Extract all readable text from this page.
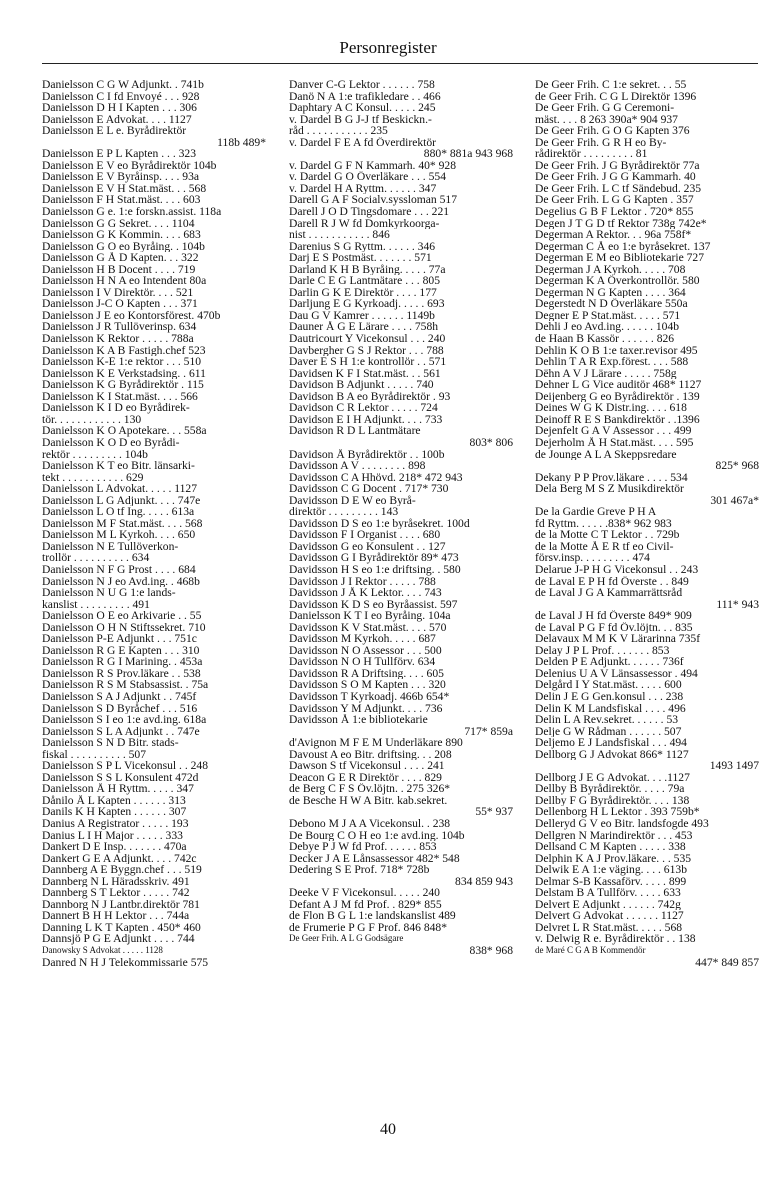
Personregister
Danielsson C G W Adjunkt. . 741b
Danielsson C I fd Envoyé . . . 928
Danielsson D H I Kapten . . . 306
Danielsson E Advokat. . . . 1127
Danielsson E L e. Byrådirektör
118b 489*
Danielsson E P L Kapten . . . 323
Danielsson E V eo Byrådirektör 104b
Danielsson E V Byråinsp. . . . 93a
Danielsson E V H Stat.mäst. . . 568
Danielsson F H Stat.mäst. . . . 603
Danielsson G e. 1:e forskn.assist. 118a
Danielsson G G Sekret. . . . 1104
Danielsson G K Kommin. . . . 683
Danielsson G O eo Byråing. . 104b
Danielsson G Å D Kapten. . . 322
Danielsson H B Docent . . . . 719
Danielsson H N A eo Intendent 80a
Danielsson I V Direktör. . . . 521
Danielsson J-C O Kapten . . . 371
Danielsson J E eo Kontorsförest. 470b
Danielsson J R Tullöverinsp. 634
Danielsson K Rektor . . . . . 788a
Danielsson K A B Fastigh.chef 523
Danielsson K-E 1:e rektor . . . 510
Danielsson K E Verkstadsing. . 611
Danielsson K G Byrådirektör . 115
Danielsson K I Stat.mäst. . . . 566
Danielsson K I D eo Byrådirek-
tör. . . . . . . . . . . . 130
Danielsson K O Apotekare. . . 558a
Danielsson K O D eo Byrådi-
rektör . . . . . . . . . 104b
Danielsson K T eo Bitr. länsarki-
tekt . . . . . . . . . . . 629
Danielsson L Advokat. . . . . 1127
Danielsson L G Adjunkt. . . . 747e
Danielsson L O tf Ing. . . . . 613a
Danielsson M F Stat.mäst. . . . 568
Danielsson M L Kyrkoh. . . . 650
Danielsson N E Tullöverkon-
trollör . . . . . . . . . . 634
Danielsson N F G Prost . . . . 684
Danielsson N J eo Avd.ing. . 468b
Danielsson N U G 1:e lands-
kanslist . . . . . . . . . 491
Danielsson O E eo Arkivarie . . 55
Danielsson O H N Stiftssekret. 710
Danielsson P-E Adjunkt . . . 751c
Danielsson R G E Kapten . . . 310
Danielsson R G I Marining. . 453a
Danielsson R S Prov.läkare . . 538
Danielsson R S M Stabsassist. . 75a
Danielsson S A J Adjunkt . . 745f
Danielsson S D Byråchef . . . 516
Danielsson S I eo 1:e avd.ing. 618a
Danielsson S L A Adjunkt . . 747e
Danielsson S N D Bitr. stads-
fiskal . . . . . . . . . . 507
Danielsson S P L Vicekonsul . . 248
Danielsson S S L Konsulent 472d
Danielsson Å H Ryttm. . . . . 347
Dånilo Å L Kapten . . . . . . 313
Danils K H Kapten . . . . . . 307
Danius A Registrator . . . . . 193
Danius L I H Major . . . . . 333
Dankert D E Insp. . . . . . . 470a
Dankert G E A Adjunkt. . . . 742c
Dannberg A E Byggn.chef . . . 519
Dannberg N L Häradsskriv. 491
Dannberg S T Lektor . . . . . 742
Dannborg N J Lantbr.direktör 781
Dannert B H H Lektor . . . 744a
Danning L K T Kapten . 450* 460
Dannsjö P G E Adjunkt . . . . 744
Danowsky S Advokat . . . . . 1128
Danred N H J Telekommissarie 575
Danver C-G Lektor . . . . . . 758
Danö N A 1:e trafikledare . . 466
Daphtary A C Konsul. . . . . 245
v. Dardel B G J-J tf Beskickn.-
råd . . . . . . . . . . . 235
v. Dardel F E A fd Överdirektör
880* 881a 943 968
v. Dardel G F N Kammarh. 40* 928
v. Dardel G O Överläkare . . . 554
v. Dardel H A Ryttm. . . . . . 347
Darell G A F Socialv.syssloman 517
Darell J O D Tingsdomare . . . 221
Darell R J W fd Domkyrkoorga-
nist . . . . . . . . . . . 846
Darenius S G Ryttm. . . . . . 346
Darj E S Postmäst. . . . . . . 571
Darland K H B Byråing. . . . . 77a
Darle C E G Lantmätare . . . 805
Darlin G K E Direktör . . . . 177
Darljung E G Kyrkoadj. . . . . 693
Dau G V Kamrer . . . . . . 1149b
Dauner Å G E Lärare . . . . 758h
Dautricourt Y Vicekonsul . . . 240
Davbergher G S J Rektor . . . 788
Daver E S H 1:e kontrollör . . 571
Davidsen K F I Stat.mäst. . . 561
Davidson B Adjunkt . . . . . 740
Davidson B A eo Byrådirektör . 93
Davidson C R Lektor . . . . . 724
Davidson E I H Adjunkt. . . . 733
Davidson R D L Lantmätare
803* 806
Davidson Å Byrådirektör . . 100b
Davidsson A V . . . . . . . . 898
Davidsson C A Hhövd. 218* 472 943
Davidsson C G Docent . 717* 730
Davidsson D E W eo Byrå-
direktör . . . . . . . . . 143
Davidsson D S eo 1:e byråsekret. 100d
Davidsson F I Organist . . . . 680
Davidsson G eo Konsulent . . 127
Davidsson G I Byrådirektör 89* 473
Davidsson H S eo 1:e driftsing. . 580
Davidsson J I Rektor . . . . . 788
Davidsson J Å K Lektor. . . . 743
Davidsson K D S eo Byråassist. 597
Danielsson K T I eo Byråing. 104a
Davidsson K V Stat.mäst. . . . 570
Davidsson M Kyrkoh. . . . . 687
Davidsson N O Assessor . . . 500
Davidsson N O H Tullförv. 634
Davidsson R A Driftsing. . . . 605
Davidsson S O M Kapten . . . 320
Davidsson T Kyrkoadj. 466b 654*
Davidsson Y M Adjunkt. . . . 736
Davidsson Å 1:e bibliotekarie
717* 859a
d'Avignon M F E M Underläkare 890
Davoust A eo Bitr. driftsing. . . 208
Dawson S tf Vicekonsul . . . . 241
Deacon G E R Direktör . . . . 829
de Berg C F S Öv.löjtn. . 275 326*
de Besche H W A Bitr. kab.sekret.
55* 937
Debono M J A A Vicekonsul. . 238
De Bourg C O H eo 1:e avd.ing. 104b
Debye P J W fd Prof. . . . . . 853
Decker J A E Lånsassessor 482* 548
Dedering S E Prof. 718* 728b
834 859 943
Deeke V F Vicekonsul. . . . . 240
Defant A J M fd Prof. . 829* 855
de Flon B G L 1:e landskanslist 489
de Frumerie P G F Prof. 846 848*
De Geer Frih. A L G Godsägare
838* 968
De Geer Frih. C 1:e sekret. . . 55
de Geer Frih. C G L Direktör 1396
De Geer Frih. G G Ceremoni-
mäst. . . . 8 263 390a* 904 937
De Geer Frih. G O G Kapten 376
De Geer Frih. G R H eo By-
rådirektör . . . . . . . . . 81
De Geer Frih. J G Byrådirektör 77a
De Geer Frih. J G G Kammarh. 40
De Geer Frih. L C tf Sändebud. 235
De Geer Frih. L G G Kapten . 357
Degelius G B F Lektor . 720* 855
Degen J T G D tf Rektor 738g 742e*
Degerman A Rektor. . . 96a 758f*
Degerman C Å eo 1:e byråsekret. 137
Degerman E M eo Bibliotekarie 727
Degerman J A Kyrkoh. . . . . 708
Degerman K A Överkontrollör. 580
Degerman N G Kapten . . . . 364
Degerstedt N D Överläkare 550a
Degner E P Stat.mäst. . . . . 571
Dehli J eo Avd.ing. . . . . . 104b
de Haan B Kassör . . . . . . 826
Dehlin K O B 1:e taxer.revisor 495
Dehlin T A R Exp.förest. . . . 588
Dëhn A V J Lärare . . . . . 758g
Dehner L G Vice auditör 468* 1127
Deijenberg G eo Byrådirektör . 139
Deines W G K Distr.ing. . . . 618
Deinoff R E S Bankdirektör . .1396
Dejenfelt G A V Assessor . . . 499
Dejerholm Å H Stat.mäst. . . . 595
de Jounge A L A Skeppsredare
825* 968
Dekany P P Prov.läkare . . . . 534
Dela Berg M S Z Musikdirektör
301 467a*
De la Gardie Greve P H A
fd Ryttm. . . . . .838* 962 983
de la Motte C T Lektor . . 729b
de la Motte Å E R tf eo Civil-
försv.insp. . . . . . . . . 474
Delarue J-P H G Vicekonsul . . 243
de Laval E P H fd Överste . . 849
de Laval J G A Kammarrättsråd
111* 943
de Laval J H fd Överste 849* 909
de Laval P G F fd Öv.löjtn. . . 835
Delavaux M M K V Lärarinna 735f
Delay J P L Prof. . . . . . . 853
Delden P E Adjunkt. . . . . . 736f
Delenius U A V Länsassessor . 494
Delgård I Y Stat.mäst. . . . . 600
Delin J E G Gen.konsul . . . 238
Delin K M Landsfiskal . . . . 496
Delin L A Rev.sekret. . . . . . 53
Delje G W Rådman . . . . . . 507
Deljemo E J Landsfiskal . . . 494
Dellborg G J Advokat 866* 1127
1493 1497
Dellborg J E G Advokat. . . .1127
Dellby B Byrådirektör. . . . . 79a
Dellby F G Byrådirektör. . . . 138
Dellenborg H L Lektor . 393 759b*
Delleryd G V eo Bitr. landsfogde 493
Dellgren N Marindirektör . . . 453
Dellsand C M Kapten . . . . . 338
Delphin K A J Prov.läkare. . . 535
Delwik E A 1:e väging. . . . 613b
Delmar S-B Kassaförv. . . . . 899
Delstam B A Tullförv. . . . . 633
Delvert E Adjunkt . . . . . . 742g
Delvert G Advokat . . . . . . 1127
Delvret L R Stat.mäst. . . . . 568
v. Delwig R e. Byrådirektör . . 138
de Maré C G A B Kommendör
447* 849 857
40
